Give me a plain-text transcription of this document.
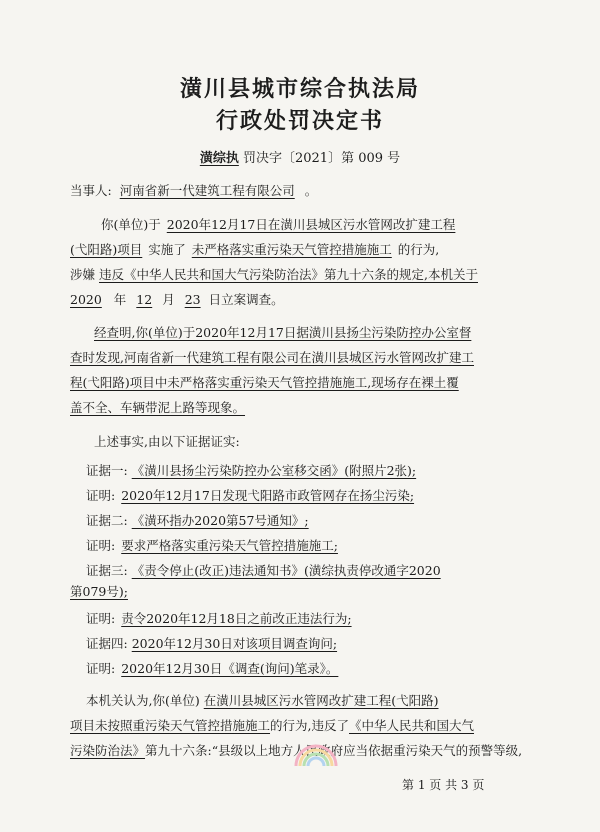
潢川县城市综合执法局
行政处罚决定书
潢综执 罚决字〔2021〕第 009 号
当事人: 河南省新一代建筑工程有限公司 。
你(单位)于 2020年12月17日在潢川县城区污水管网改扩建工程
(弋阳路)项目 实施了 未严格落实重污染天气管控措施施工 的行为,
涉嫌 违反《中华人民共和国大气污染防治法》第九十六条的规定,本机关于
2020 年 12 月 23 日立案调查。
经查明,你(单位)于2020年12月17日据潢川县扬尘污染防控办公室督
查时发现,河南省新一代建筑工程有限公司在潢川县城区污水管网改扩建工
程(弋阳路)项目中未严格落实重污染天气管控措施施工,现场存在裸土覆
盖不全、车辆带泥上路等现象。
上述事实,由以下证据证实:
证据一: 《潢川县扬尘污染防控办公室移交函》(附照片2张);
证明: 2020年12月17日发现弋阳路市政管网存在扬尘污染;
证据二: 《潢环指办2020第57号通知》;
证明: 要求严格落实重污染天气管控措施施工;
证据三: 《责令停止(改正)违法通知书》(潢综执责停改通字2020
第079号);
证明: 责令2020年12月18日之前改正违法行为;
证据四: 2020年12月30日对该项目调查询问;
证明: 2020年12月30日《调查(询问)笔录》。
本机关认为,你(单位) 在潢川县城区污水管网改扩建工程(弋阳路)
项目未按照重污染天气管控措施施工的行为,违反了《中华人民共和国大气
污染防治法》第九十六条:“县级以上地方人民政府应当依据重污染天气的预警等级,
第 1 页 共 3 页
